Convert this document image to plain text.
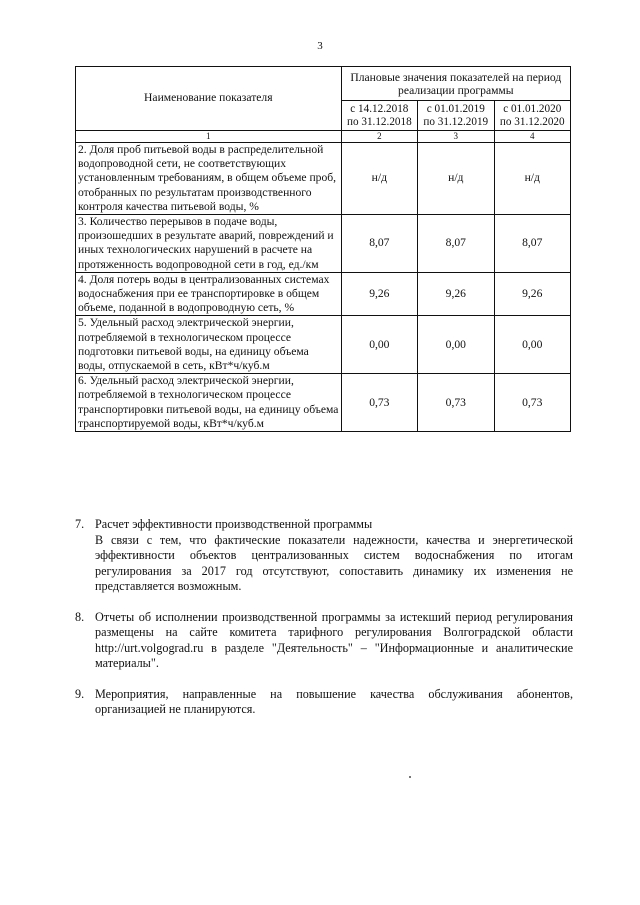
3
Наименование показателя	Плановые значения показателей на период реализации программы		
	с 14.12.2018 по 31.12.2018	с 01.01.2019 по 31.12.2019	с 01.01.2020 по 31.12.2020
1	2	3	4
2. Доля проб питьевой воды в распределительной водопроводной сети, не соответствующих установленным требованиям, в общем объеме проб, отобранных по результатам производственного контроля качества питьевой воды, %	н/д	н/д	н/д
3. Количество перерывов в подаче воды, произошедших в результате аварий, повреждений и иных технологических нарушений в расчете на протяженность водопроводной сети в год, ед./км	8,07	8,07	8,07
4. Доля потерь воды в централизованных системах водоснабжения при ее транспортировке в общем объеме, поданной в водопроводную сеть, %	9,26	9,26	9,26
5. Удельный расход электрической энергии, потребляемой в технологическом процессе подготовки питьевой воды, на единицу объема воды, отпускаемой в сеть, кВт*ч/куб.м	0,00	0,00	0,00
6. Удельный расход электрической энергии, потребляемой в технологическом процессе транспортировки питьевой воды, на единицу объема транспортируемой воды, кВт*ч/куб.м	0,73	0,73	0,73
7. Расчет эффективности производственной программы
В связи с тем, что фактические показатели надежности, качества и энергетической эффективности объектов централизованных систем водоснабжения по итогам регулирования за 2017 год отсутствуют, сопоставить динамику их изменения не представляется возможным.
8. Отчеты об исполнении производственной программы за истекший период регулирования размещены на сайте комитета тарифного регулирования Волгоградской области http://urt.volgograd.ru в разделе "Деятельность" – "Информационные и аналитические материалы".
9. Мероприятия, направленные на повышение качества обслуживания абонентов, организацией не планируются.
